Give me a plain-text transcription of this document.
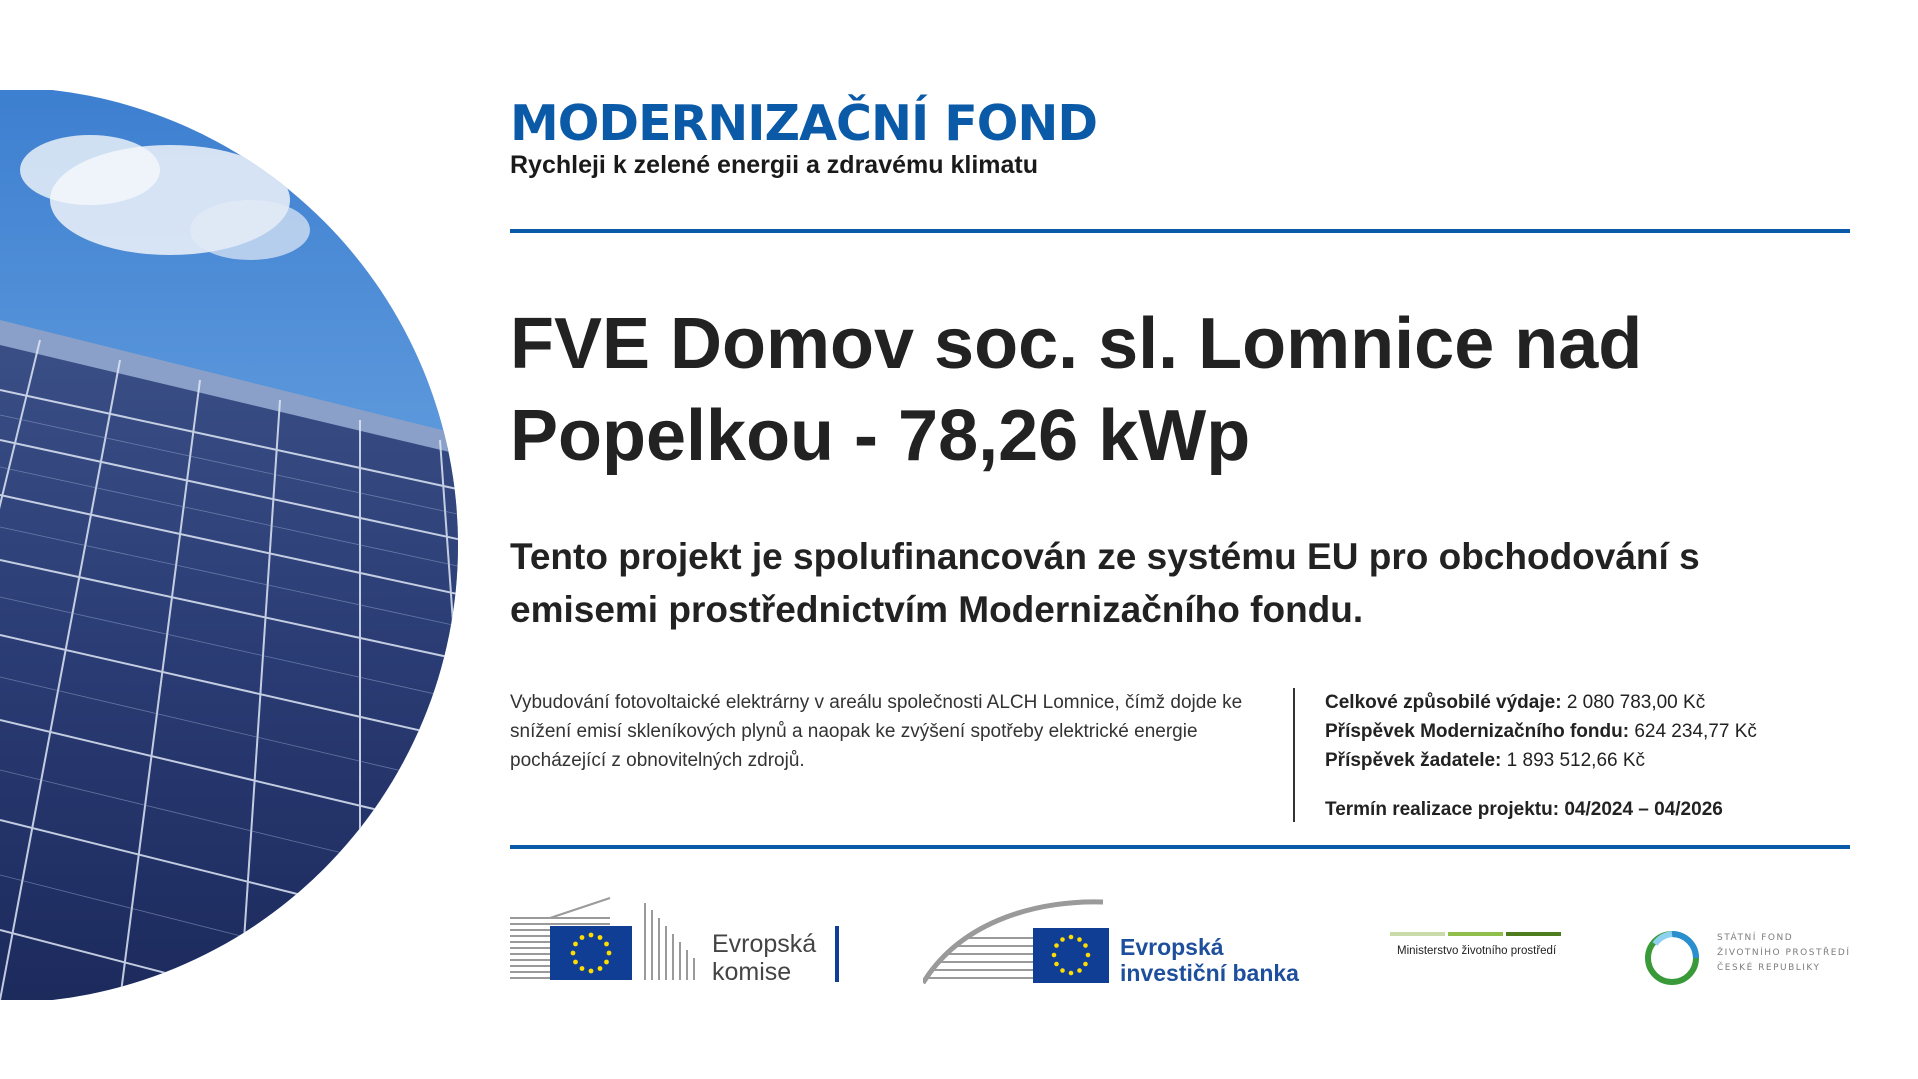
MODERNIZAČNÍ FOND
Rychleji k zelené energii a zdravému klimatu
FVE Domov soc. sl. Lomnice nad Popelkou - 78,26 kWp

Tento projekt je spolufinancován ze systému EU pro obchodování s emisemi prostřednictvím Modernizačního fondu.

Vybudování fotovoltaické elektrárny v areálu společnosti ALCH Lomnice, čímž dojde ke snížení emisí skleníkových plynů a naopak ke zvýšení spotřeby elektrické energie pocházející z obnovitelných zdrojů.

Celkové způsobilé výdaje: 2 080 783,00 Kč
Příspěvek Modernizačního fondu: 624 234,77 Kč
Příspěvek žadatele: 1 893 512,66 Kč
Termín realizace projektu: 04/2024 – 04/2026
Evropská
komise
Evropská
investiční banka
Ministerstvo životního prostředí
STÁTNÍ FOND
ŽIVOTNÍHO PROSTŘEDÍ
ČESKÉ REPUBLIKY
